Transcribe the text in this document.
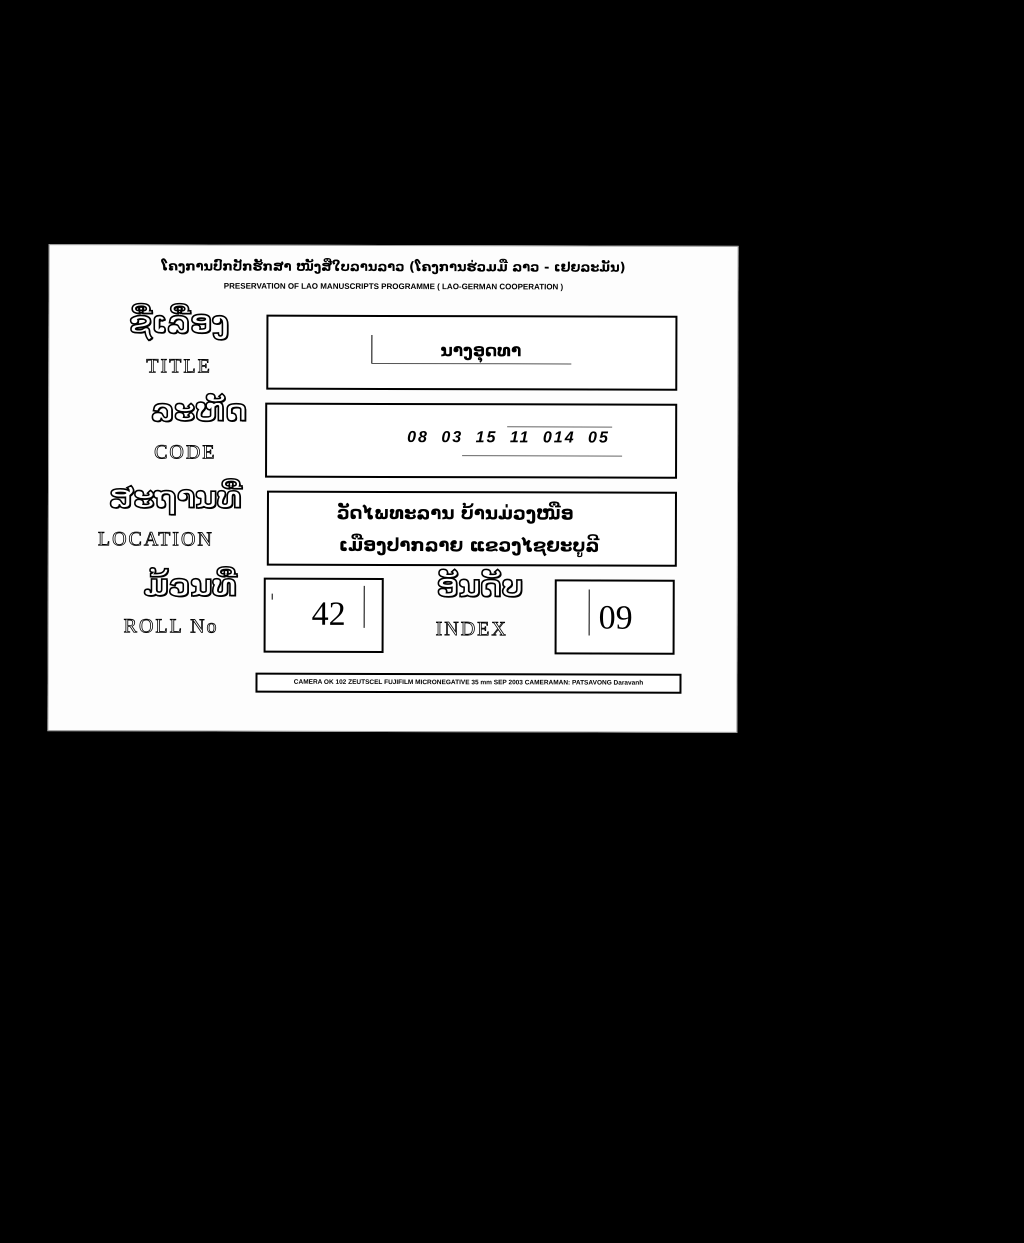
ໂຄງການປົກປັກຮັກສາ ໜັງສືໃບລານລາວ (ໂຄງການຮ່ວມມື ລາວ - ເຢຍລະມັນ)
PRESERVATION OF LAO MANUSCRIPTS PROGRAMME ( LAO-GERMAN COOPERATION )
ຊື່ເລື່ອງ
TITLE
ນາງອຸດທາ
ລະຫັດ
CODE
08 03 15 11 014 05
ສະຖານທີ່
LOCATION
ວັດໄພທະລານ ບ້ານມ່ວງໜືອ
ເມືອງປາກລາຍ ແຂວງໄຊຍະບູລີ
ມ້ວນທີ່
ROLL No	42
ອັນດັບ
INDEX	09
CAMERA OK 102 ZEUTSCEL FUJIFILM MICRONEGATIVE 35 mm SEP 2003 CAMERAMAN: PATSAVONG Daravanh
